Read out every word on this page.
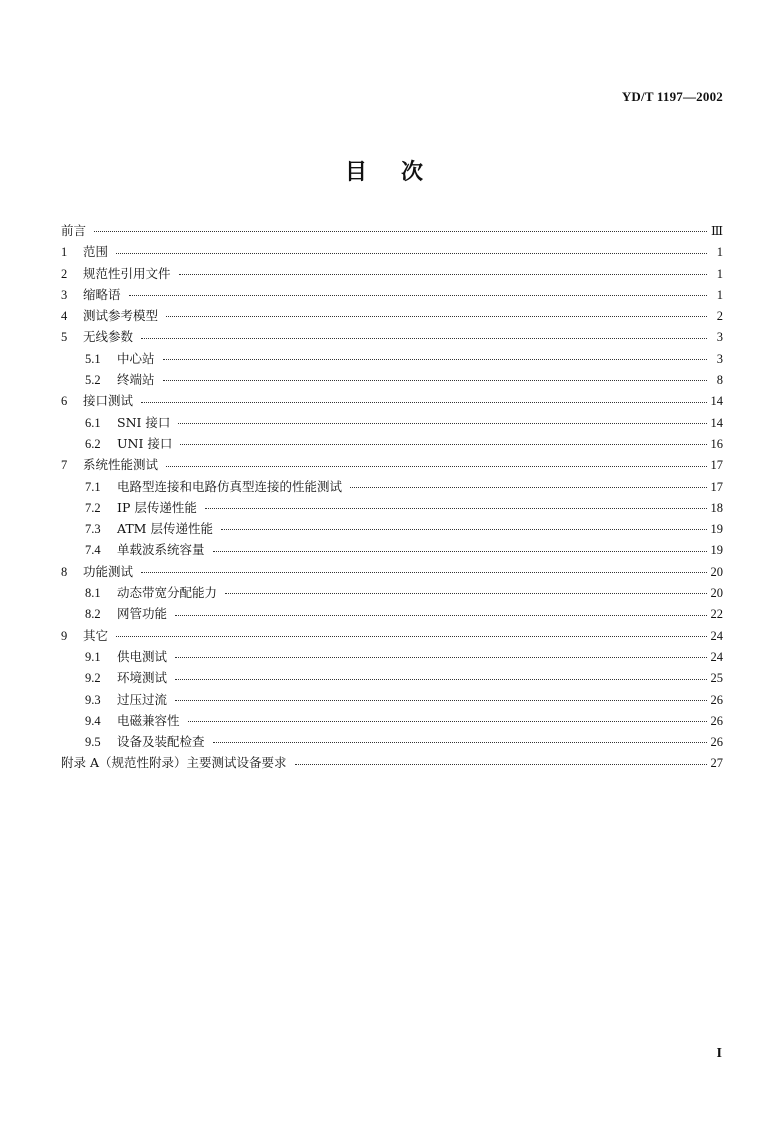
YD/T 1197—2002
目次
前言	Ⅲ
1	范围	1
2	规范性引用文件	1
3	缩略语	1
4	测试参考模型	2
5	无线参数	3
5.1	中心站	3
5.2	终端站	8
6	接口测试	14
6.1	SNI 接口	14
6.2	UNI 接口	16
7	系统性能测试	17
7.1	电路型连接和电路仿真型连接的性能测试	17
7.2	IP 层传递性能	18
7.3	ATM 层传递性能	19
7.4	单载波系统容量	19
8	功能测试	20
8.1	动态带宽分配能力	20
8.2	网管功能	22
9	其它	24
9.1	供电测试	24
9.2	环境测试	25
9.3	过压过流	26
9.4	电磁兼容性	26
9.5	设备及装配检查	26
附录 A（规范性附录）主要测试设备要求	27
I
